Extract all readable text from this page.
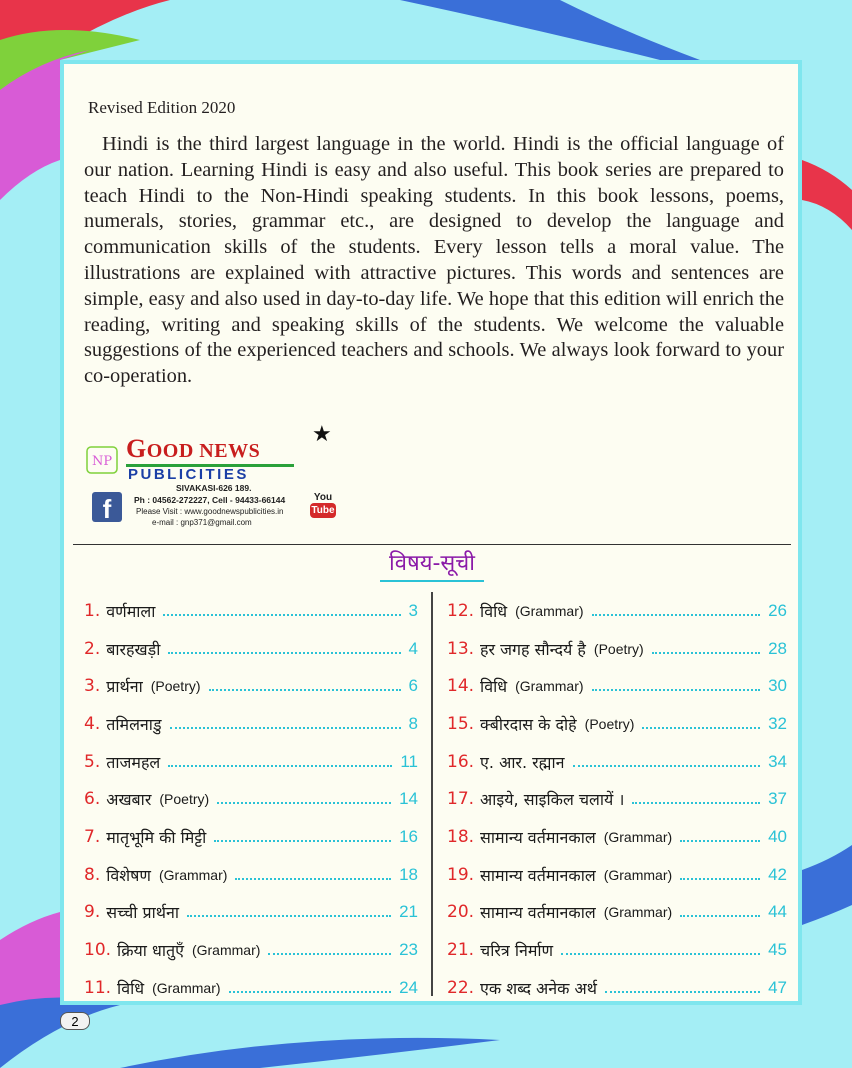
Revised Edition 2020

Hindi is the third largest language in the world. Hindi is the official language of our nation. Learning Hindi is easy and also useful. This book series are prepared to teach Hindi to the Non-Hindi speaking students. In this book lessons, poems, numerals, stories, grammar etc., are designed to develop the language and communication skills of the students. Every lesson tells a moral value. The illustrations are explained with attractive pictures. This words and sentences are simple, easy and also used in day-to-day life. We hope that this edition will enrich the reading, writing and speaking skills of the students. We welcome the valuable suggestions of the experienced teachers and schools. We always look forward to your co-operation.

NP GOOD NEWS
★
PUBLICITIES
f
SIVAKASI-626 189.
Ph : 04562-272227, Cell - 94433-66144
Please Visit : www.goodnewspublicities.in
e-mail : gnp371@gmail.com
You
Tube
विषय-सूची
1. वर्णमाला	3
2. बारहखड़ी	4
3. प्रार्थना (Poetry)	6
4. तमिलनाडु	8
5. ताजमहल	11
6. अखबार (Poetry)	14
7. मातृभूमि की मिट्टी	16
8. विशेषण (Grammar)	18
9. सच्ची प्रार्थना	21
10. क्रिया धातुएँ (Grammar)	23
11. विधि (Grammar)	24
12. विधि (Grammar)	26
13. हर जगह सौन्दर्य है (Poetry)	28
14. विधि (Grammar)	30
15. क्बीरदास के दोहे (Poetry)	32
16. ए. आर. रह्मान	34
17. आइये, साइकिल चलायें ।	37
18. सामान्य वर्तमानकाल (Grammar)	40
19. सामान्य वर्तमानकाल (Grammar)	42
20. सामान्य वर्तमानकाल (Grammar)	44
21. चरित्र निर्माण	45
22. एक शब्द अनेक अर्थ	47
2
